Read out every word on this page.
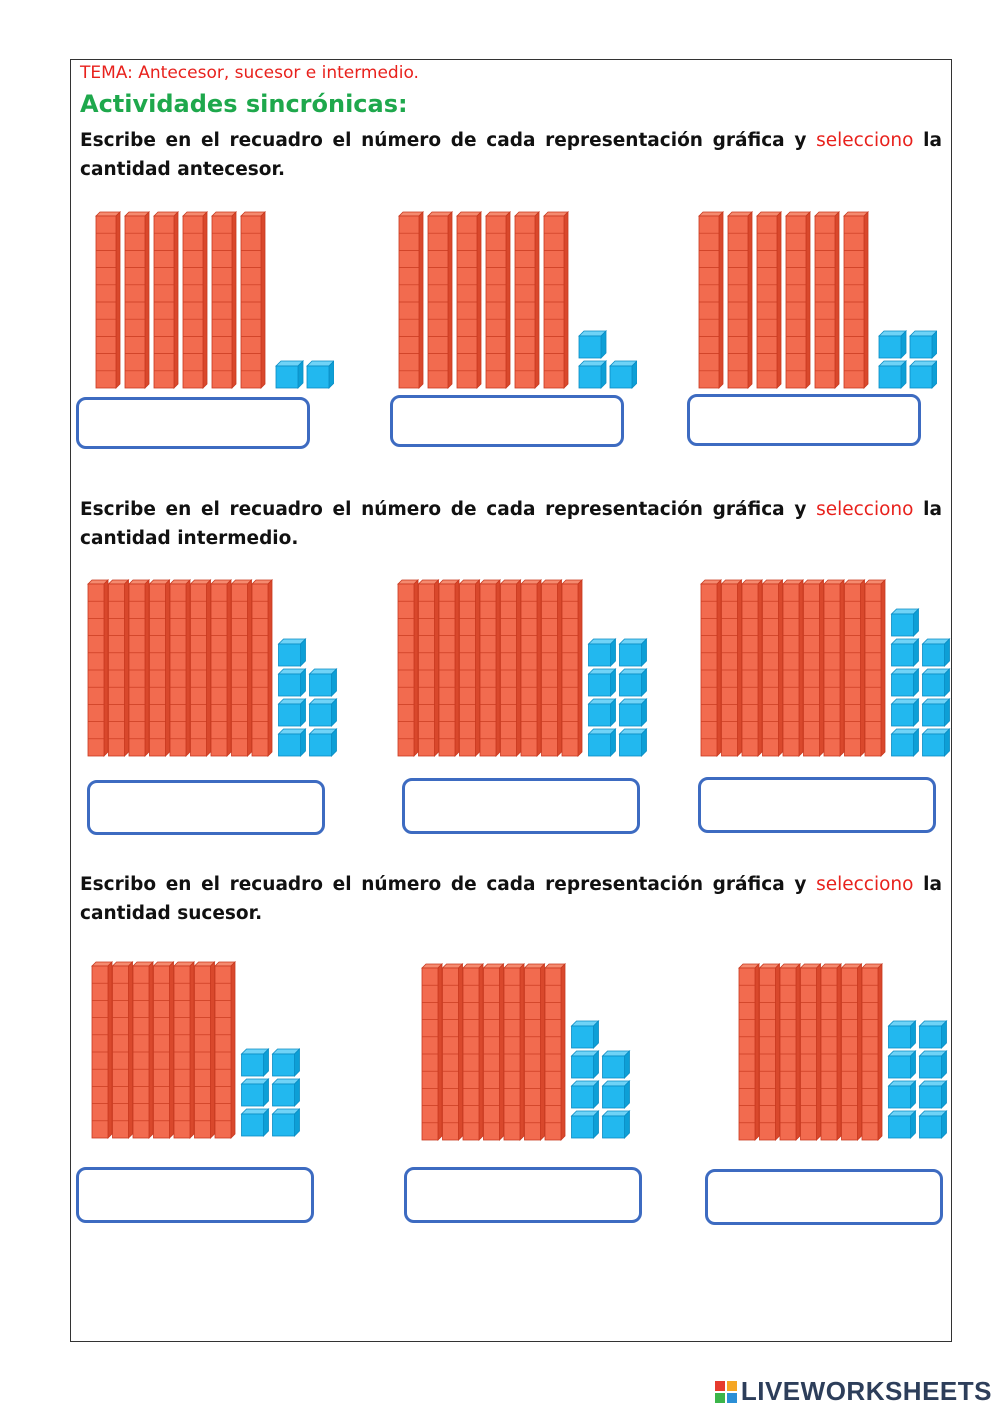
TEMA: Antecesor, sucesor e intermedio.
Actividades sincrónicas:
Escribe en el recuadro el número de cada representación gráfica y selecciono la cantidad antecesor.
Escribe en el recuadro el número de cada representación gráfica y selecciono la cantidad intermedio.
Escribo en el recuadro el número de cada representación gráfica y selecciono la cantidad sucesor.
LIVEWORKSHEETS
